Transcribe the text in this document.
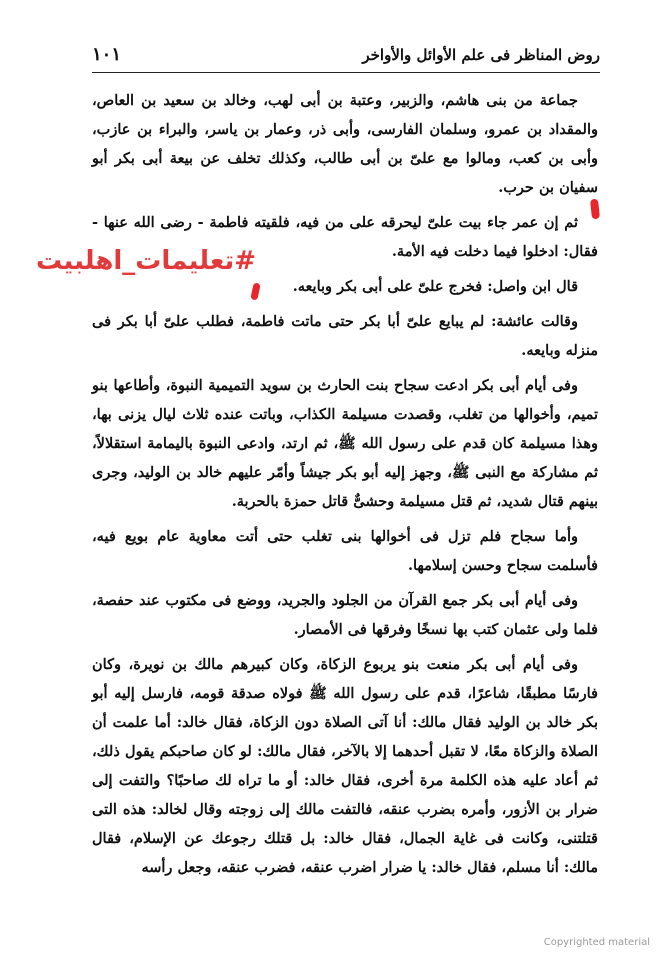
١٠١	روض المناظر فى علم الأوائل والأواخر

جماعة من بنى هاشم، والزبير، وعتبة بن أبى لهب، وخالد بن سعيد بن العاص، والمقداد بن عمرو، وسلمان الفارسى، وأبى ذر، وعمار بن ياسر، والبراء بن عازب، وأبى بن كعب، ومالوا مع علىّ بن أبى طالب، وكذلك تخلف عن بيعة أبى بكر أبو سفيان بن حرب.

ثم إن عمر جاء بيت علىّ ليحرقه على من فيه، فلقيته فاطمة - رضى الله عنها - فقال: ادخلوا فيما دخلت فيه الأمة.

قال ابن واصل: فخرج علىّ على أبى بكر وبايعه.

وقالت عائشة: لم يبايع علىّ أبا بكر حتى ماتت فاطمة، فطلب علىّ أبا بكر فى منزله وبايعه.

وفى أيام أبى بكر ادعت سجاح بنت الحارث بن سويد التميمية النبوة، وأطاعها بنو تميم، وأخوالها من تغلب، وقصدت مسيلمة الكذاب، وباتت عنده ثلاث ليال يزنى بها، وهذا مسيلمة كان قدم على رسول الله ﷺ، ثم ارتد، وادعى النبوة باليمامة استقلالاً، ثم مشاركة مع النبى ﷺ، وجهز إليه أبو بكر جيشاً وأمّر عليهم خالد بن الوليد، وجرى بينهم قتال شديد، ثم قتل مسيلمة وحشىٌّ قاتل حمزة بالحربة.

وأما سجاح فلم تزل فى أخوالها بنى تغلب حتى أتت معاوية عام بويع فيه، فأسلمت سجاح وحسن إسلامها.

وفى أيام أبى بكر جمع القرآن من الجلود والجريد، ووضع فى مكتوب عند حفصة، فلما ولى عثمان كتب بها نسخًا وفرقها فى الأمصار.

وفى أيام أبى بكر منعت بنو يربوع الزكاة، وكان كبيرهم مالك بن نويرة، وكان فارسًا مطبقًا، شاعرًا، قدم على رسول الله ﷺ فولاه صدقة قومه، فارسل إليه أبو بكر خالد بن الوليد فقال مالك: أنا آتى الصلاة دون الزكاة، فقال خالد: أما علمت أن الصلاة والزكاة معًا، لا تقبل أحدهما إلا بالآخر، فقال مالك: لو كان صاحبكم يقول ذلك، ثم أعاد عليه هذه الكلمة مرة أخرى، فقال خالد: أو ما تراه لك صاحبًا؟ والتفت إلى ضرار بن الأزور، وأمره بضرب عنقه، فالتفت مالك إلى زوجته وقال لخالد: هذه التى قتلتنى، وكانت فى غاية الجمال، فقال خالد: بل قتلك رجوعك عن الإسلام، فقال مالك: أنا مسلم، فقال خالد: يا ضرار اضرب عنقه، فضرب عنقه، وجعل رأسه

#تعليمات_اهلبيت
Copyrighted material
